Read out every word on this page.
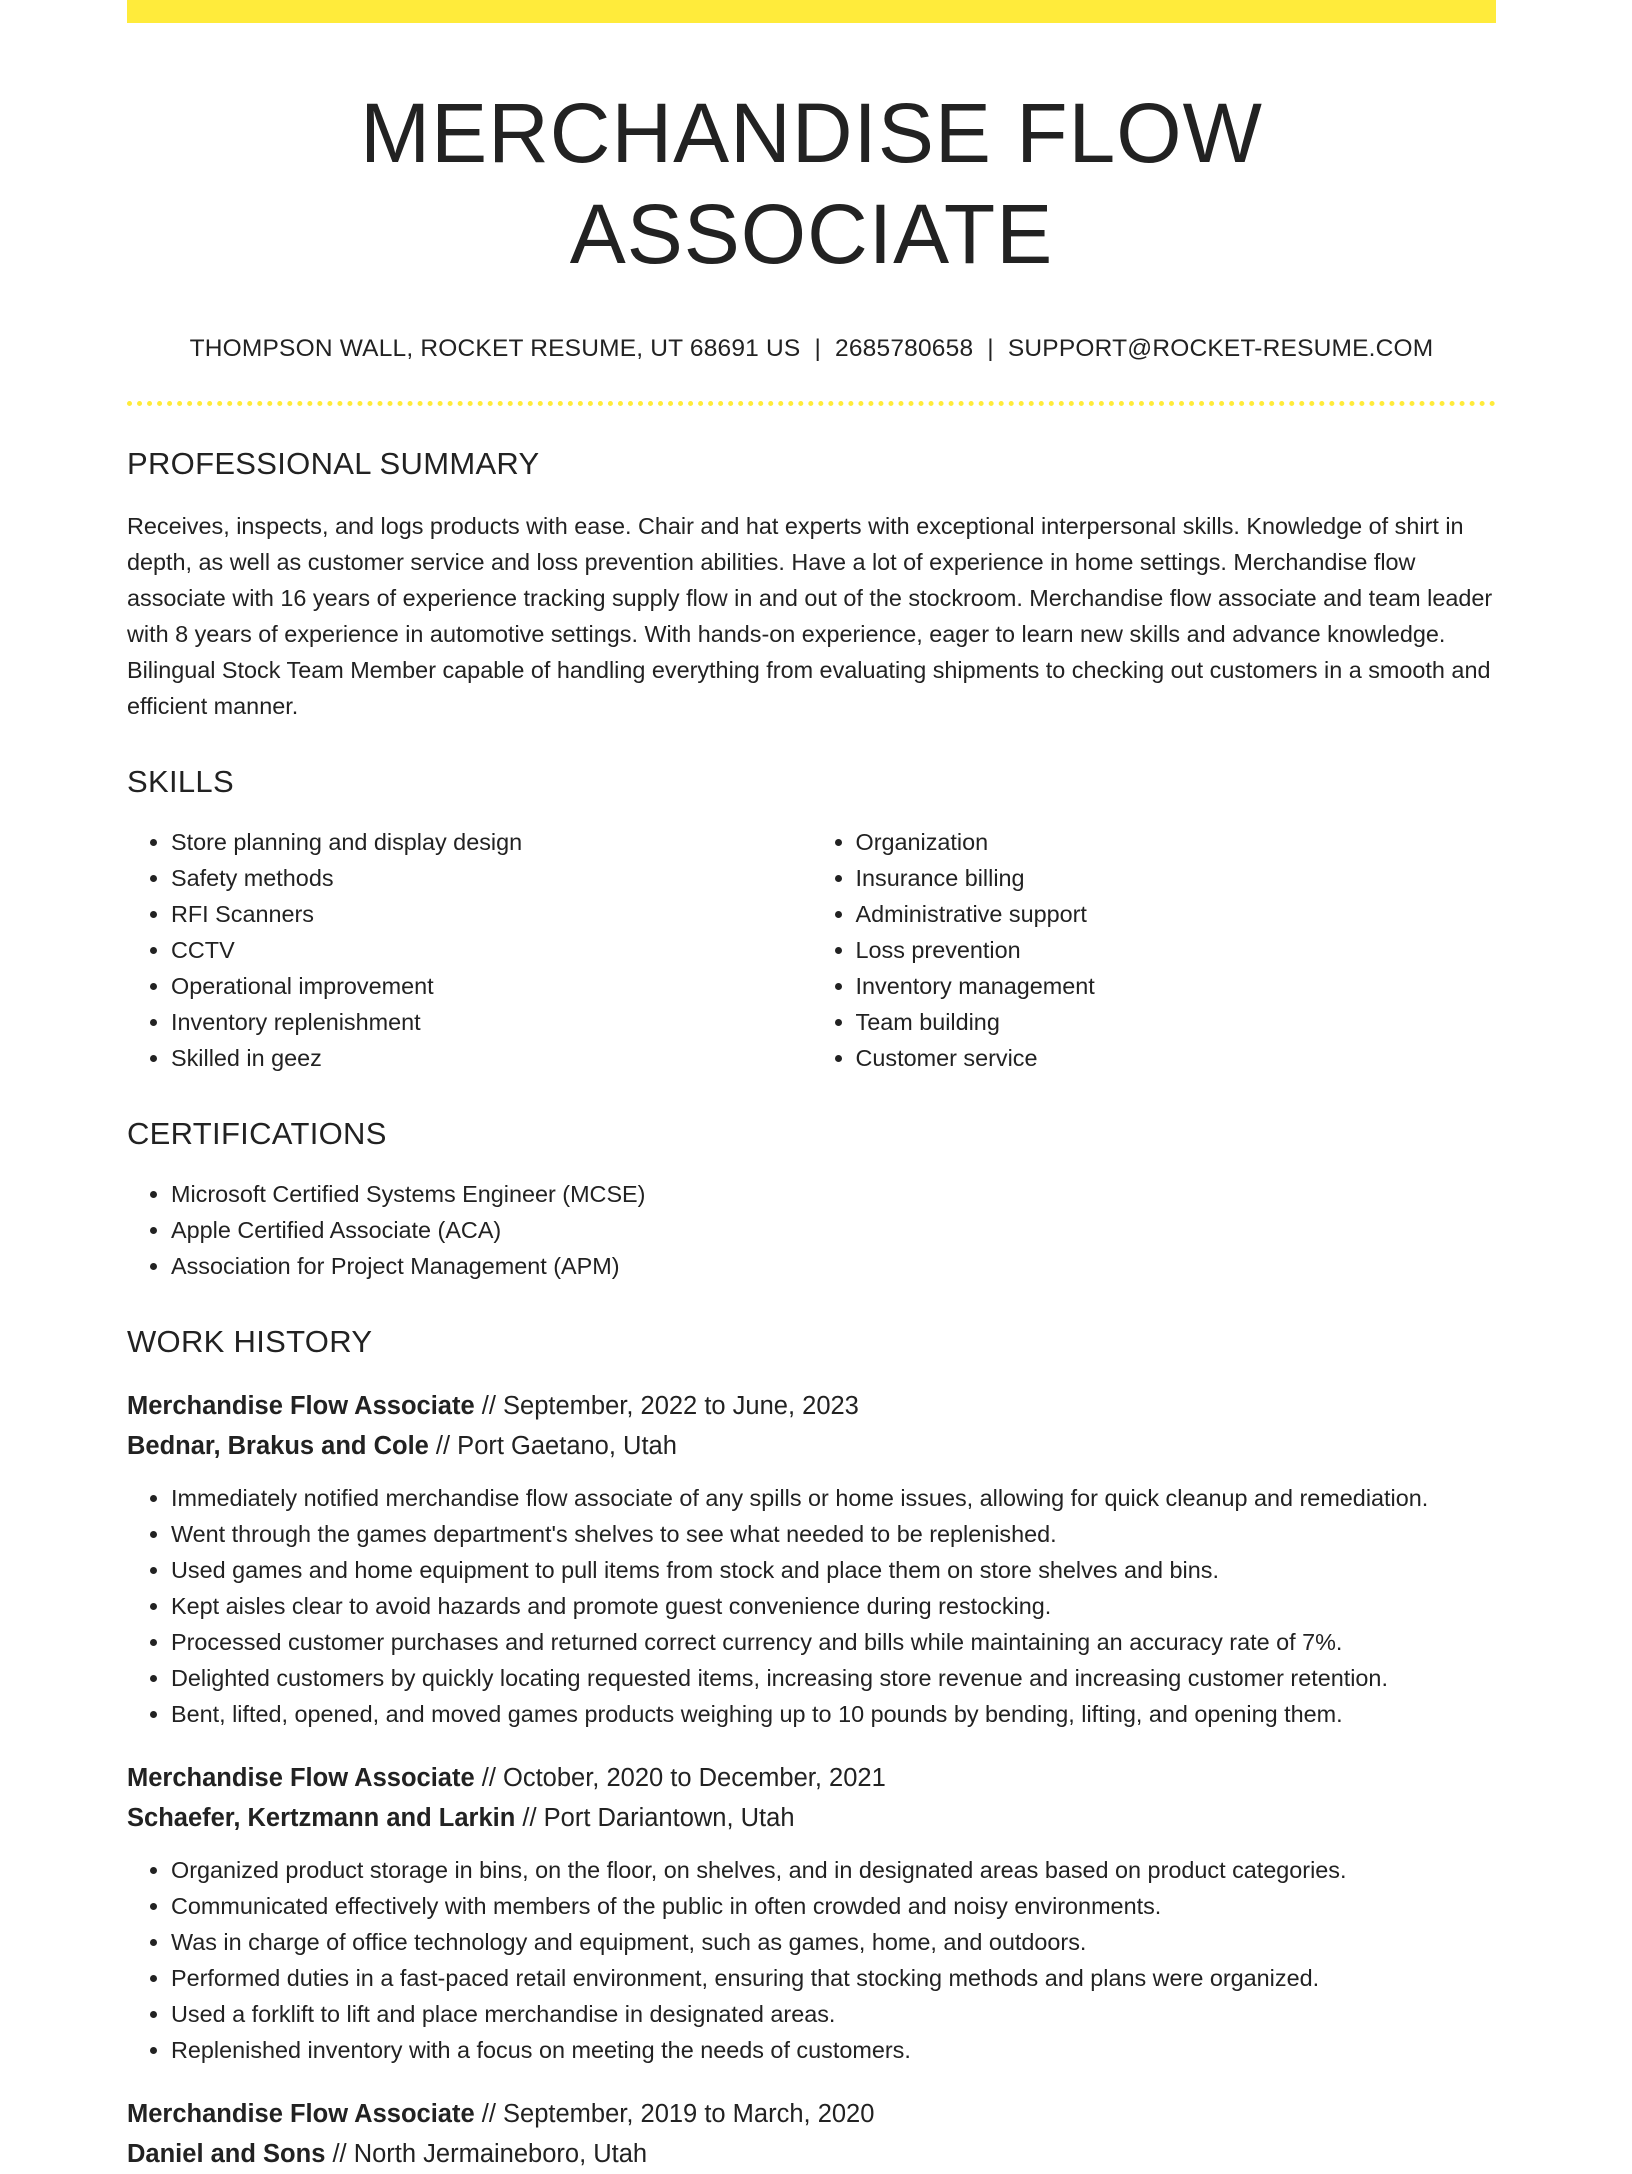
MERCHANDISE FLOW ASSOCIATE
THOMPSON WALL, ROCKET RESUME, UT 68691 US | 2685780658 | SUPPORT@ROCKET-RESUME.COM
PROFESSIONAL SUMMARY
Receives, inspects, and logs products with ease. Chair and hat experts with exceptional interpersonal skills. Knowledge of shirt in depth, as well as customer service and loss prevention abilities. Have a lot of experience in home settings. Merchandise flow associate with 16 years of experience tracking supply flow in and out of the stockroom. Merchandise flow associate and team leader with 8 years of experience in automotive settings. With hands-on experience, eager to learn new skills and advance knowledge. Bilingual Stock Team Member capable of handling everything from evaluating shipments to checking out customers in a smooth and efficient manner.
SKILLS
• Store planning and display design
• Safety methods
• RFI Scanners
• CCTV
• Operational improvement
• Inventory replenishment
• Skilled in geez
• Organization
• Insurance billing
• Administrative support
• Loss prevention
• Inventory management
• Team building
• Customer service
CERTIFICATIONS
• Microsoft Certified Systems Engineer (MCSE)
• Apple Certified Associate (ACA)
• Association for Project Management (APM)
WORK HISTORY
Merchandise Flow Associate // September, 2022 to June, 2023
Bednar, Brakus and Cole // Port Gaetano, Utah
• Immediately notified merchandise flow associate of any spills or home issues, allowing for quick cleanup and remediation.
• Went through the games department's shelves to see what needed to be replenished.
• Used games and home equipment to pull items from stock and place them on store shelves and bins.
• Kept aisles clear to avoid hazards and promote guest convenience during restocking.
• Processed customer purchases and returned correct currency and bills while maintaining an accuracy rate of 7%.
• Delighted customers by quickly locating requested items, increasing store revenue and increasing customer retention.
• Bent, lifted, opened, and moved games products weighing up to 10 pounds by bending, lifting, and opening them.
Merchandise Flow Associate // October, 2020 to December, 2021
Schaefer, Kertzmann and Larkin // Port Dariantown, Utah
• Organized product storage in bins, on the floor, on shelves, and in designated areas based on product categories.
• Communicated effectively with members of the public in often crowded and noisy environments.
• Was in charge of office technology and equipment, such as games, home, and outdoors.
• Performed duties in a fast-paced retail environment, ensuring that stocking methods and plans were organized.
• Used a forklift to lift and place merchandise in designated areas.
• Replenished inventory with a focus on meeting the needs of customers.
Merchandise Flow Associate // September, 2019 to March, 2020
Daniel and Sons // North Jermaineboro, Utah
